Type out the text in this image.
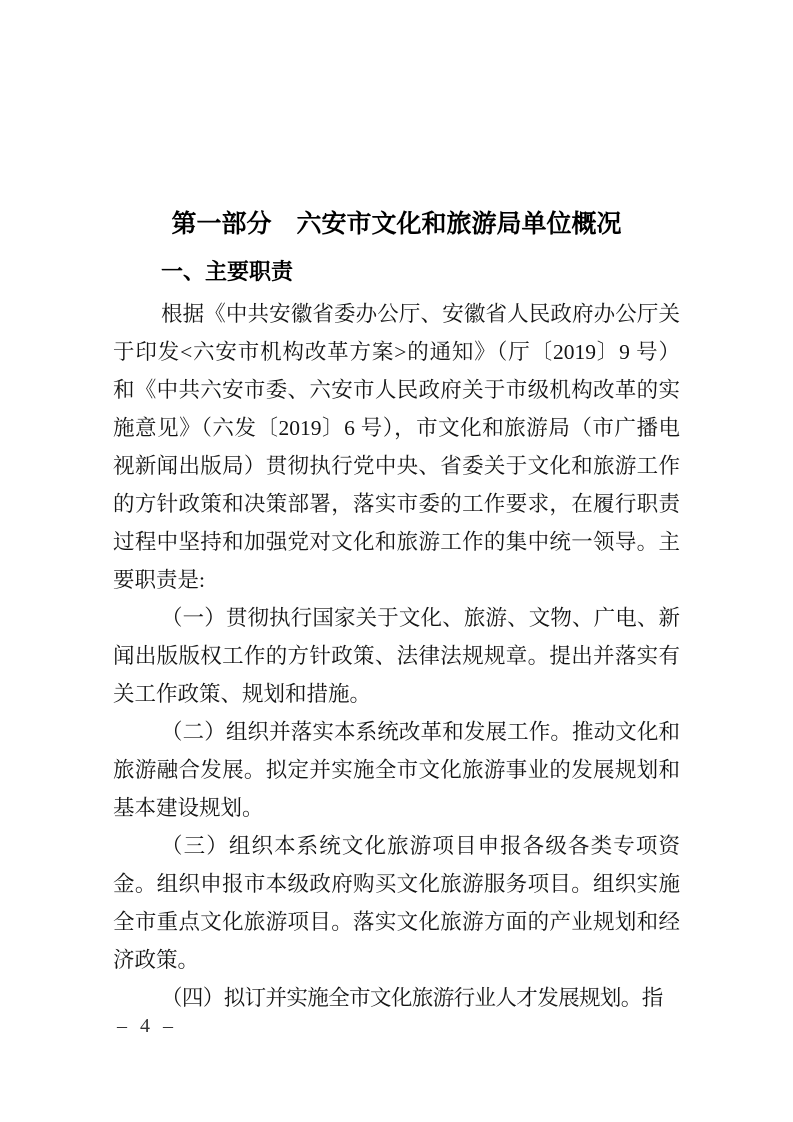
第一部分　六安市文化和旅游局单位概况
一、主要职责

根据《中共安徽省委办公厅、安徽省人民政府办公厅关于印发<六安市机构改革方案>的通知》（厅〔2019〕9 号）和《中共六安市委、六安市人民政府关于市级机构改革的实施意见》（六发〔2019〕6 号），市文化和旅游局（市广播电视新闻出版局）贯彻执行党中央、省委关于文化和旅游工作的方针政策和决策部署，落实市委的工作要求，在履行职责过程中坚持和加强党对文化和旅游工作的集中统一领导。主要职责是:

（一）贯彻执行国家关于文化、旅游、文物、广电、新闻出版版权工作的方针政策、法律法规规章。提出并落实有关工作政策、规划和措施。

（二）组织并落实本系统改革和发展工作。推动文化和旅游融合发展。拟定并实施全市文化旅游事业的发展规划和基本建设规划。

（三）组织本系统文化旅游项目申报各级各类专项资金。组织申报市本级政府购买文化旅游服务项目。组织实施全市重点文化旅游项目。落实文化旅游方面的产业规划和经济政策。

（四）拟订并实施全市文化旅游行业人才发展规划。指

– 4 –
